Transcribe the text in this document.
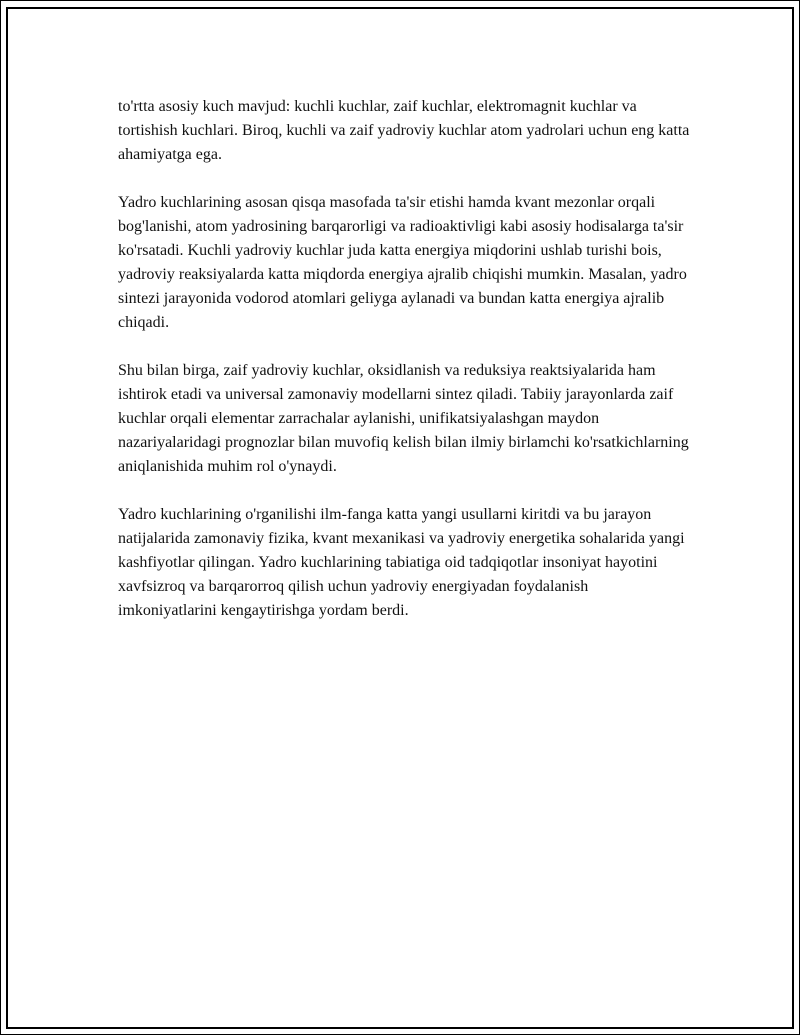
to'rtta asosiy kuch mavjud: kuchli kuchlar, zaif kuchlar, elektromagnit kuchlar va tortishish kuchlari. Biroq, kuchli va zaif yadroviy kuchlar atom yadrolari uchun eng katta ahamiyatga ega.

Yadro kuchlarining asosan qisqa masofada ta'sir etishi hamda kvant mezonlar orqali bog'lanishi, atom yadrosining barqarorligi va radioaktivligi kabi asosiy hodisalarga ta'sir ko'rsatadi. Kuchli yadroviy kuchlar juda katta energiya miqdorini ushlab turishi bois, yadroviy reaksiyalarda katta miqdorda energiya ajralib chiqishi mumkin. Masalan, yadro sintezi jarayonida vodorod atomlari geliyga aylanadi va bundan katta energiya ajralib chiqadi.

Shu bilan birga, zaif yadroviy kuchlar, oksidlanish va reduksiya reaktsiyalarida ham ishtirok etadi va universal zamonaviy modellarni sintez qiladi. Tabiiy jarayonlarda zaif kuchlar orqali elementar zarrachalar aylanishi, unifikatsiyalashgan maydon nazariyalaridagi prognozlar bilan muvofiq kelish bilan ilmiy birlamchi ko'rsatkichlarning aniqlanishida muhim rol o'ynaydi.

Yadro kuchlarining o'rganilishi ilm-fanga katta yangi usullarni kiritdi va bu jarayon natijalarida zamonaviy fizika, kvant mexanikasi va yadroviy energetika sohalarida yangi kashfiyotlar qilingan. Yadro kuchlarining tabiatiga oid tadqiqotlar insoniyat hayotini xavfsizroq va barqarorroq qilish uchun yadroviy energiyadan foydalanish imkoniyatlarini kengaytirishga yordam berdi.
